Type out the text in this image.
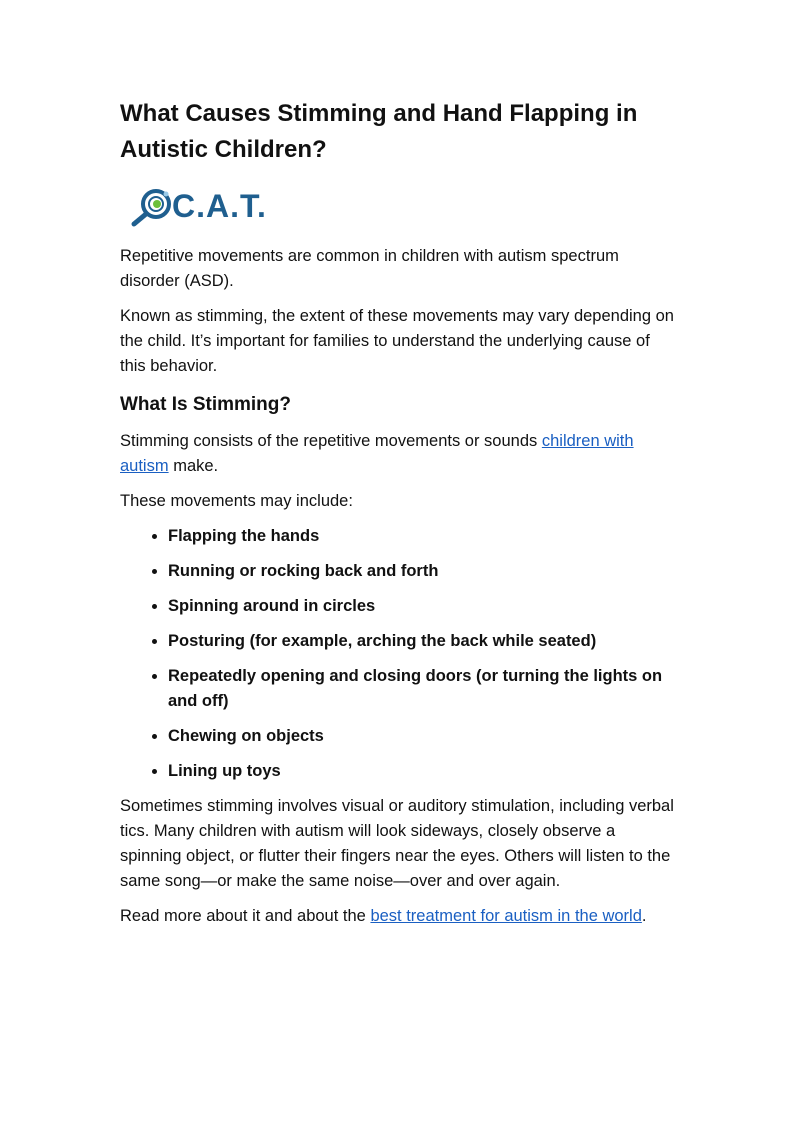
What Causes Stimming and Hand Flapping in Autistic Children?
C.A.T.

Repetitive movements are common in children with autism spectrum disorder (ASD).

Known as stimming, the extent of these movements may vary depending on the child. It’s important for families to understand the underlying cause of this behavior.

What Is Stimming?

Stimming consists of the repetitive movements or sounds children with autism make.

These movements may include:

• Flapping the hands
• Running or rocking back and forth
• Spinning around in circles
• Posturing (for example, arching the back while seated)
• Repeatedly opening and closing doors (or turning the lights on and off)
• Chewing on objects
• Lining up toys

Sometimes stimming involves visual or auditory stimulation, including verbal tics. Many children with autism will look sideways, closely observe a spinning object, or flutter their fingers near the eyes. Others will listen to the same song—or make the same noise—over and over again.

Read more about it and about the best treatment for autism in the world.
